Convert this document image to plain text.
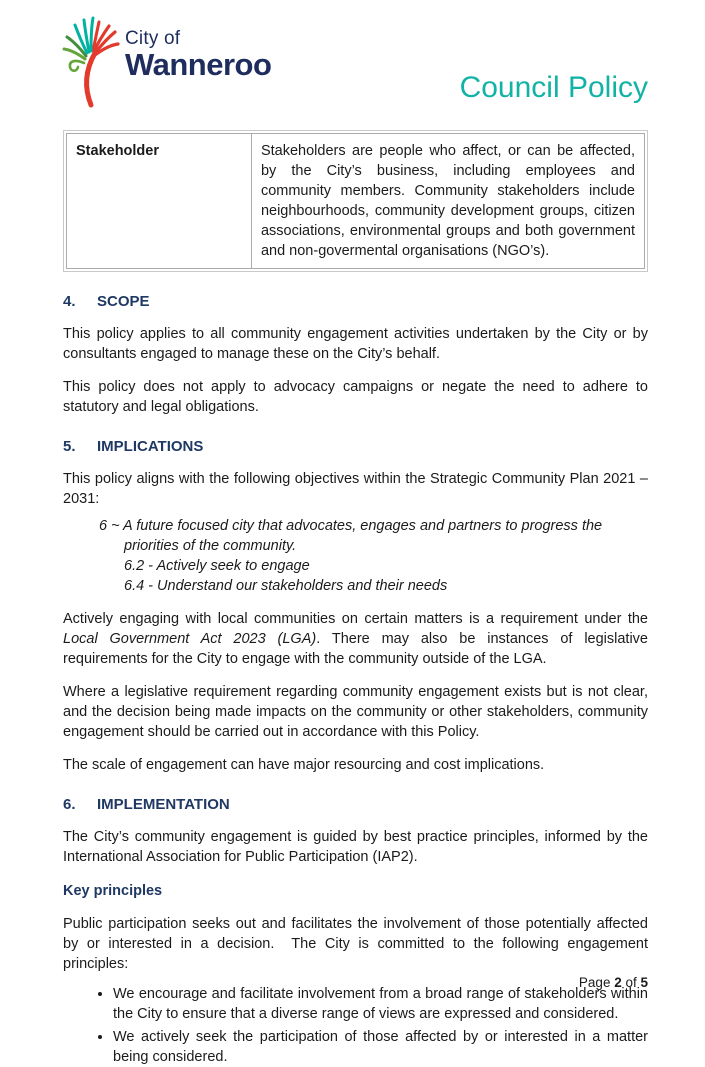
City of
Wanneroo
Council Policy
Stakeholder	Stakeholders are people who affect, or can be affected, by the City’s business, including employees and community members. Community stakeholders include neighbourhoods, community development groups, citizen associations, environmental groups and both government and non-govermental organisations (NGO’s).
4.	SCOPE

This policy applies to all community engagement activities undertaken by the City or by consultants engaged to manage these on the City’s behalf.

This policy does not apply to advocacy campaigns or negate the need to adhere to statutory and legal obligations.

5.	IMPLICATIONS

This policy aligns with the following objectives within the Strategic Community Plan 2021 – 2031:

6 ~ A future focused city that advocates, engages and partners to progress the
priorities of the community.
6.2 - Actively seek to engage
6.4 - Understand our stakeholders and their needs

Actively engaging with local communities on certain matters is a requirement under the Local Government Act 2023 (LGA). There may also be instances of legislative requirements for the City to engage with the community outside of the LGA.

Where a legislative requirement regarding community engagement exists but is not clear, and the decision being made impacts on the community or other stakeholders, community engagement should be carried out in accordance with this Policy.

The scale of engagement can have major resourcing and cost implications.

6.	IMPLEMENTATION

The City’s community engagement is guided by best practice principles, informed by the International Association for Public Participation (IAP2).

Key principles

Public participation seeks out and facilitates the involvement of those potentially affected by or interested in a decision.  The City is committed to the following engagement principles:

• We encourage and facilitate involvement from a broad range of stakeholders within the City to ensure that a diverse range of views are expressed and considered.
• We actively seek the participation of those affected by or interested in a matter being considered.
Page 2 of 5
